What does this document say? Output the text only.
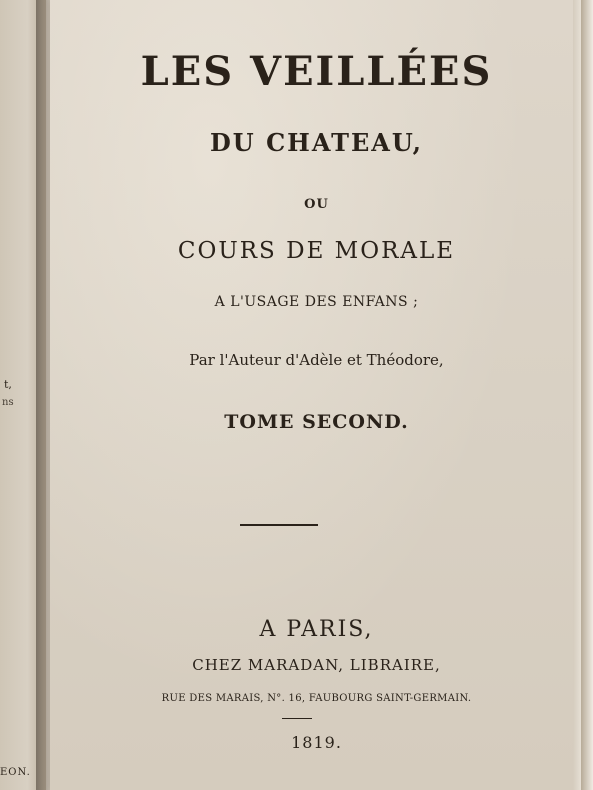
t,
ns
EON.
LES VEILLÉES
DU CHATEAU,
OU
COURS DE MORALE
A L'USAGE DES ENFANS ;
Par l'Auteur d'Adèle et Théodore,
TOME SECOND.
A PARIS,
CHEZ MARADAN, LIBRAIRE,
RUE DES MARAIS, N°. 16, FAUBOURG SAINT-GERMAIN.
1819.
